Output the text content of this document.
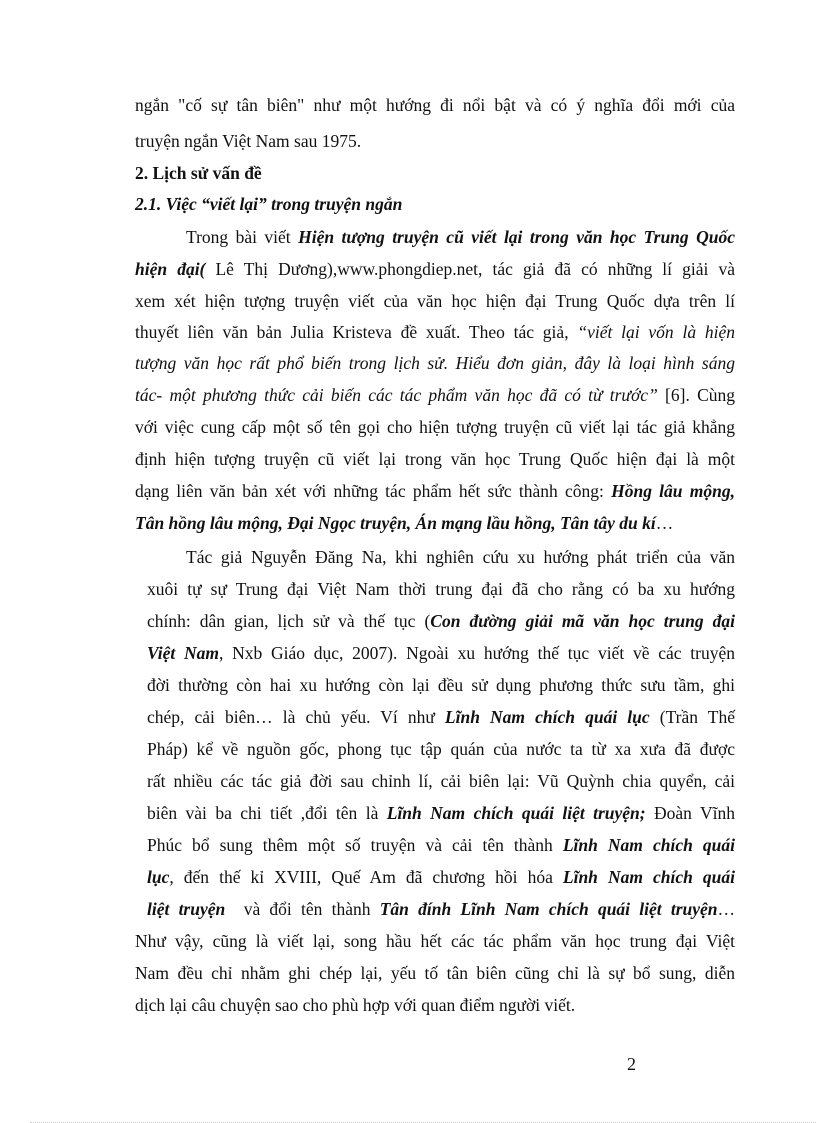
ngắn "cố sự tân biên" như một hướng đi nổi bật và có ý nghĩa đổi mới của
truyện ngắn Việt Nam sau 1975.
2. Lịch sử vấn đề
2.1. Việc “viết lại” trong truyện ngắn
Trong bài viết Hiện tượng truyện cũ viết lại trong văn học Trung Quốc
hiện đại( Lê Thị Dương),www.phongdiep.net, tác giả đã có những lí giải và
xem xét hiện tượng truyện viết của văn học hiện đại Trung Quốc dựa trên lí
thuyết liên văn bản Julia Kristeva đề xuất. Theo tác giả, “viết lại vốn là hiện
tượng văn học rất phổ biến trong lịch sử. Hiểu đơn giản, đây là loại hình sáng
tác- một phương thức cải biến các tác phẩm văn học đã có từ trước” [6]. Cùng
với việc cung cấp một số tên gọi cho hiện tượng truyện cũ viết lại tác giả khẳng
định hiện tượng truyện cũ viết lại trong văn học Trung Quốc hiện đại là một
dạng liên văn bản xét với những tác phẩm hết sức thành công: Hồng lâu mộng,
Tân hồng lâu mộng, Đại Ngọc truyện, Án mạng lầu hồng, Tân tây du kí…
Tác giả Nguyễn Đăng Na, khi nghiên cứu xu hướng phát triển của văn
xuôi tự sự Trung đại Việt Nam thời trung đại đã cho rằng có ba xu hướng
chính: dân gian, lịch sử và thế tục (Con đường giải mã văn học trung đại
Việt Nam, Nxb Giáo dục, 2007). Ngoài xu hướng thế tục viết về các truyện
đời thường còn hai xu hướng còn lại đều sử dụng phương thức sưu tầm, ghi
chép, cải biên… là chủ yếu. Ví như Lĩnh Nam chích quái lục (Trần Thế
Pháp) kể về nguồn gốc, phong tục tập quán của nước ta từ xa xưa đã được
rất nhiều các tác giả đời sau chỉnh lí, cải biên lại: Vũ Quỳnh chia quyển, cải
biên vài ba chi tiết ,đổi tên là Lĩnh Nam chích quái liệt truyện; Đoàn Vĩnh
Phúc bổ sung thêm một số truyện và cải tên thành Lĩnh Nam chích quái
lục, đến thế kỉ XVIII, Quế Am đã chương hồi hóa Lĩnh Nam chích quái
liệt truyện  và đổi tên thành Tân đính Lĩnh Nam chích quái liệt truyện…
Như vậy, cũng là viết lại, song hầu hết các tác phẩm văn học trung đại Việt
Nam đều chỉ nhằm ghi chép lại, yếu tố tân biên cũng chỉ là sự bổ sung, diễn
dịch lại câu chuyện sao cho phù hợp với quan điểm người viết.
2
